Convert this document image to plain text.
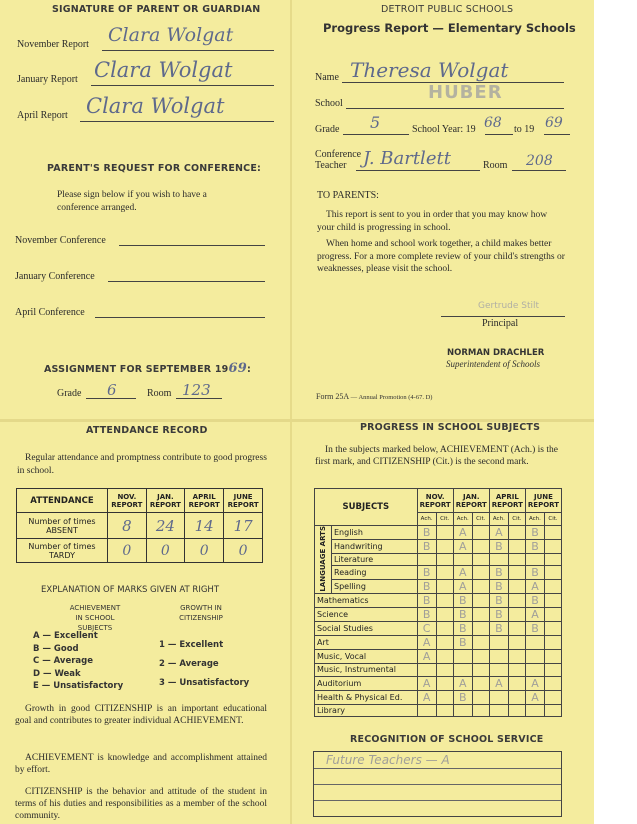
SIGNATURE OF PARENT OR GUARDIAN
November Report Clara Wolgat
January Report Clara Wolgat
April Report Clara Wolgat
PARENT'S REQUEST FOR CONFERENCE:
Please sign below if you wish to have a conference arranged.
November Conference
January Conference
April Conference
ASSIGNMENT FOR SEPTEMBER 1969:
Grade 6	Room 123
DETROIT PUBLIC SCHOOLS
Progress Report — Elementary Schools
Name Theresa Wolgat
School
HUBER
Grade 5	School Year: 19 68 to 19 69
Conference
Teacher J. Bartlett	Room 208
TO PARENTS:
This report is sent to you in order that you may know how your child is progressing in school.
When home and school work together, a child makes better progress. For a more complete review of your child's strengths or weaknesses, please visit the school.
Gertrude Stilt
Principal
NORMAN DRACHLER
Superintendent of Schools
Form 25A — Annual Promotion (4-67. D)
ATTENDANCE RECORD
Regular attendance and promptness contribute to good progress in school.
ATTENDANCE	NOV. REPORT	JAN. REPORT	APRIL REPORT	JUNE REPORT
Number of times
ABSENT	8	24	14	17
Number of times
TARDY	0	0	0	0
EXPLANATION OF MARKS GIVEN AT RIGHT
ACHIEVEMENT
IN SCHOOL SUBJECTS
GROWTH IN
CITIZENSHIP
A — Excellent
B — Good
C — Average
D — Weak
E — Unsatisfactory
1 — Excellent
2 — Average
3 — Unsatisfactory
Growth in good CITIZENSHIP is an important educational goal and contributes to greater individual ACHIEVEMENT.
ACHIEVEMENT is knowledge and accomplishment attained by effort.
CITIZENSHIP is the behavior and attitude of the student in terms of his duties and responsibilities as a member of the school community.
PROGRESS IN SCHOOL SUBJECTS
In the subjects marked below, ACHIEVEMENT (Ach.) is the first mark, and CITIZENSHIP (Cit.) is the second mark.
SUBJECTS		NOV. REPORT		JAN. REPORT		APRIL REPORT		JUNE REPORT	
		Ach.	Cit.	Ach.	Cit.	Ach.	Cit.	Ach.	Cit.

LANGUAGE ARTS	English	B		A		A		B	
	Handwriting	B		A		B		B	
	Literature								
	Reading	B		A		B		B	
	Spelling	B		A		B		A	
Mathematics		B		B		B		B	
Science		B		B		B		A	
Social Studies		C		B		B		B	
Art		A		B					
Music, Vocal		A							
Music, Instrumental									
Auditorium		A		A		A		A	
Health & Physical Ed.		A		B				A	
Library									
RECOGNITION OF SCHOOL SERVICE
Future Teachers — A
